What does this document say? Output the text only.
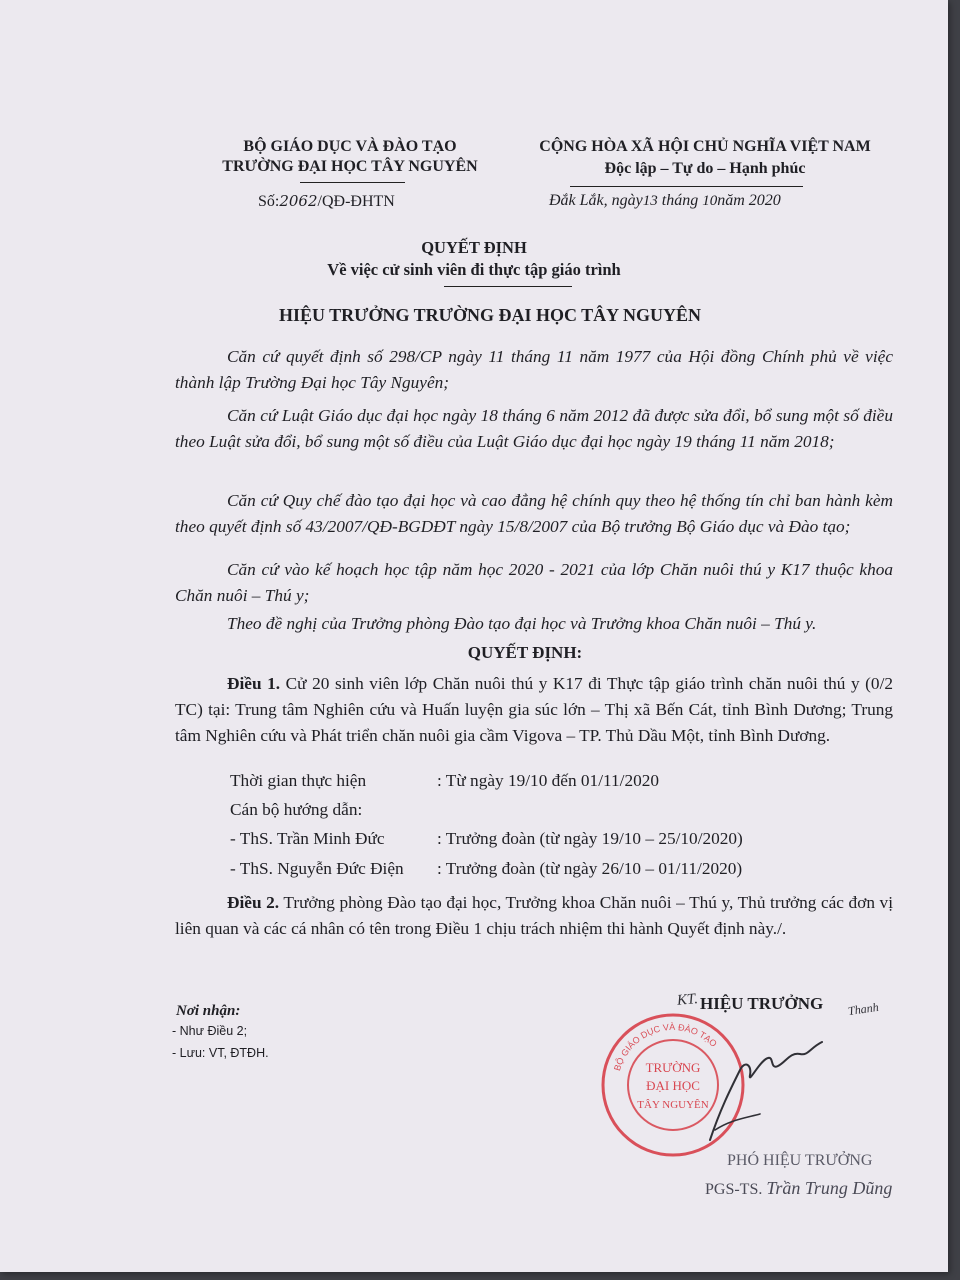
BỘ GIÁO DỤC VÀ ĐÀO TẠO
TRƯỜNG ĐẠI HỌC TÂY NGUYÊN
Số:2062/QĐ-ĐHTN
CỘNG HÒA XÃ HỘI CHỦ NGHĨA VIỆT NAM
Độc lập – Tự do – Hạnh phúc
Đắk Lắk, ngày13 tháng 10năm 2020
QUYẾT ĐỊNH
Về việc cử sinh viên đi thực tập giáo trình
HIỆU TRƯỞNG TRƯỜNG ĐẠI HỌC TÂY NGUYÊN
Căn cứ quyết định số 298/CP ngày 11 tháng 11 năm 1977 của Hội đồng Chính phủ về việc thành lập Trường Đại học Tây Nguyên;
Căn cứ Luật Giáo dục đại học ngày 18 tháng 6 năm 2012 đã được sửa đổi, bổ sung một số điều theo Luật sửa đổi, bổ sung một số điều của Luật Giáo dục đại học ngày 19 tháng 11 năm 2018;
Căn cứ Quy chế đào tạo đại học và cao đẳng hệ chính quy theo hệ thống tín chỉ ban hành kèm theo quyết định số 43/2007/QĐ-BGDĐT ngày 15/8/2007 của Bộ trưởng Bộ Giáo dục và Đào tạo;
Căn cứ vào kế hoạch học tập năm học 2020 - 2021 của lớp Chăn nuôi thú y K17 thuộc khoa Chăn nuôi – Thú y;
Theo đề nghị của Trưởng phòng Đào tạo đại học và Trưởng khoa Chăn nuôi – Thú y.
QUYẾT ĐỊNH:
Điều 1. Cử 20 sinh viên lớp Chăn nuôi thú y K17 đi Thực tập giáo trình chăn nuôi thú y (0/2 TC) tại: Trung tâm Nghiên cứu và Huấn luyện gia súc lớn – Thị xã Bến Cát, tỉnh Bình Dương; Trung tâm Nghiên cứu và Phát triển chăn nuôi gia cầm Vigova – TP. Thủ Dầu Một, tỉnh Bình Dương.
Thời gian thực hiện	: Từ ngày 19/10 đến 01/11/2020
Cán bộ hướng dẫn:
- ThS. Trần Minh Đức	: Trưởng đoàn (từ ngày 19/10 – 25/10/2020)
- ThS. Nguyễn Đức Điện : Trưởng đoàn (từ ngày 26/10 – 01/11/2020)
Điều 2. Trưởng phòng Đào tạo đại học, Trưởng khoa Chăn nuôi – Thú y, Thủ trưởng các đơn vị liên quan và các cá nhân có tên trong Điều 1 chịu trách nhiệm thi hành Quyết định này./.
Nơi nhận:
- Như Điều 2;
- Lưu: VT, ĐTĐH.
KT. HIỆU TRƯỞNG Thanh
BỘ GIÁO DỤC VÀ ĐÀO TẠO
TRƯỜNG
ĐẠI HỌC
TÂY NGUYÊN
PHÓ HIỆU TRƯỞNG
PGS-TS. Trần Trung Dũng
